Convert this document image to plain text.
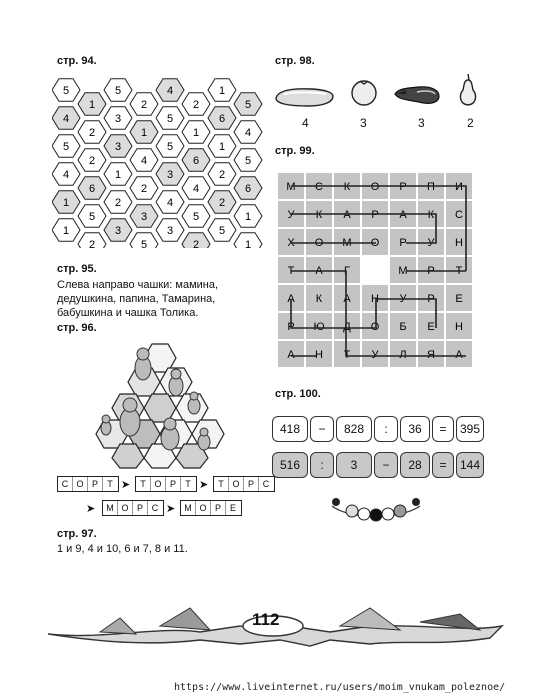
стр. 94.
5
1
5
2
4
2
1
5
4
2
3
1
5
1
6
4
5
2
3
4
5
6
1
5
4
6
1
2
3
4
2
6
1
5
2
3
4
5
2
1
1
2
3
5
3
2
5
1
стр. 95.
Слева направо чашки: мамина,
дедушкина, папина, Тамарина,
бабушкина и чашка Толика.
стр. 96.
С О Р	Т ➤	Т О Р	Т ➤	Т О Р С
➤	М О Р С ➤	М О Р Е
стр. 97.
1 и 9, 4 и 10, 6 и 7, 8 и 11.
стр. 98.
4	3	3	2
стр. 99.
М С К О Р П И
У К А Р А К С
Х О М О Р У Н
Т А Г	М Р Т
А К А Н У Р Е
Р Ю Д О Б Е Н
А Н Т У Л Я А
стр. 100.
418	−	828	:	36	=	395
516	:	3	−	28	=	144
112
https://www.liveinternet.ru/users/moim_vnukam_poleznoe/
